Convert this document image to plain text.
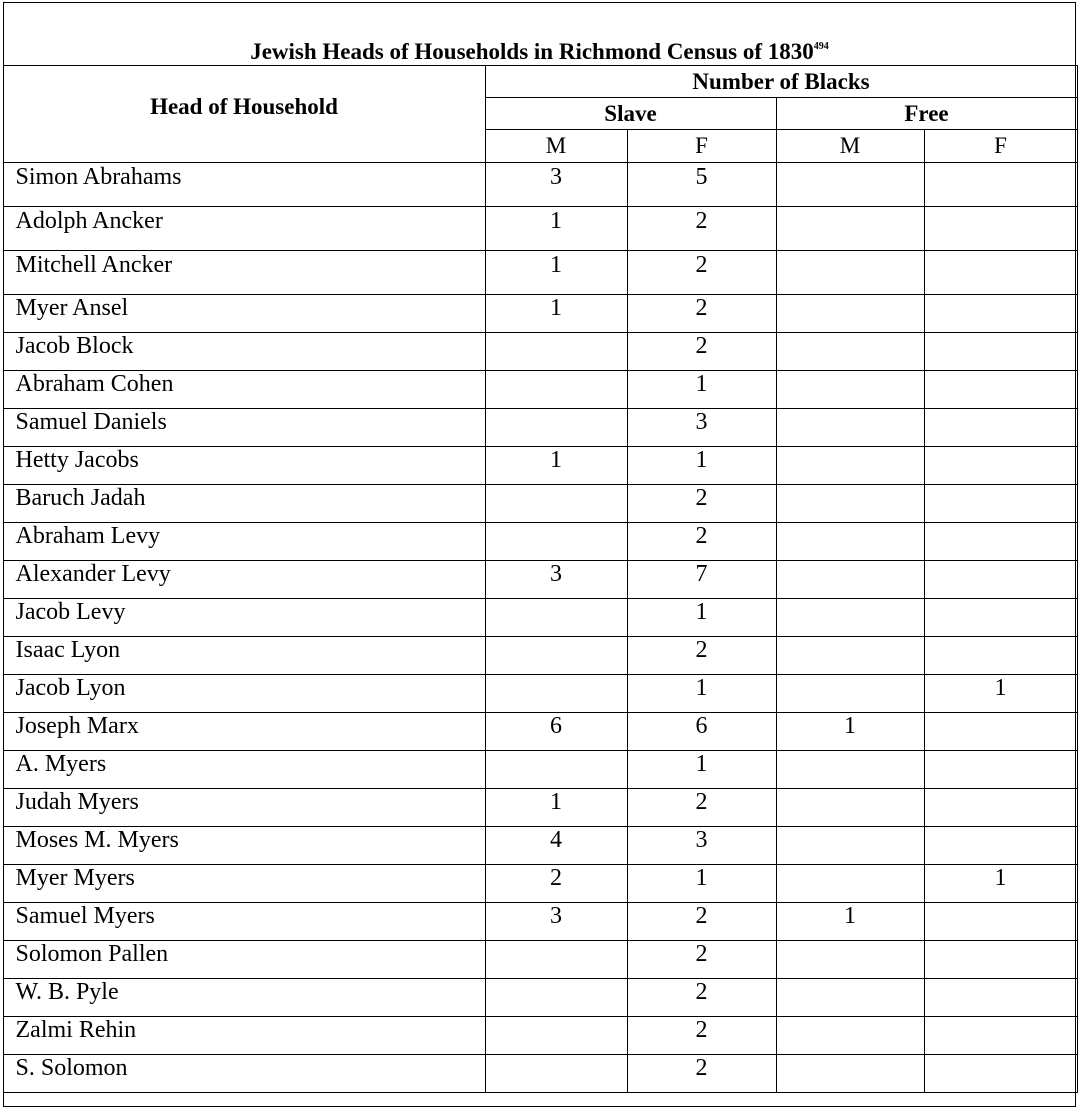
Jewish Heads of Households in Richmond Census of 1830$^{494}$
Head of Household	Number of Blacks			
	Slave		Free	
	M	F	M	F
Simon Abrahams	3	5		
Adolph Ancker	1	2		
Mitchell Ancker	1	2		
Myer Ansel	1	2		
Jacob Block		2		
Abraham Cohen		1		
Samuel Daniels		3		
Hetty Jacobs	1	1		
Baruch Jadah		2		
Abraham Levy		2		
Alexander Levy	3	7		
Jacob Levy		1		
Isaac Lyon		2		
Jacob Lyon		1		1
Joseph Marx	6	6	1	
A. Myers		1		
Judah Myers	1	2		
Moses M. Myers	4	3		
Myer Myers	2	1		1
Samuel Myers	3	2	1	
Solomon Pallen		2		
W. B. Pyle		2		
Zalmi Rehin		2		
S. Solomon		2		
